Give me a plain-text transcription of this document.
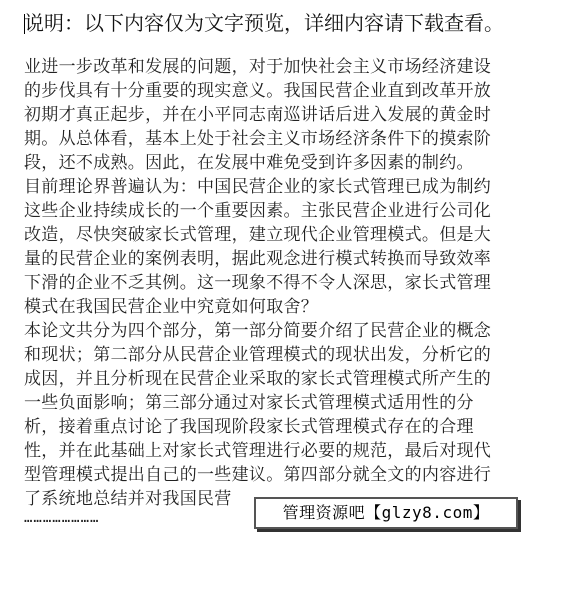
说明：以下内容仅为文字预览，详细内容请下载查看。
业进一步改革和发展的问题，对于加快社会主义市场经济建设
的步伐具有十分重要的现实意义。我国民营企业直到改革开放
初期才真正起步，并在小平同志南巡讲话后进入发展的黄金时
期。从总体看，基本上处于社会主义市场经济条件下的摸索阶
段，还不成熟。因此，在发展中难免受到许多因素的制约。
目前理论界普遍认为：中国民营企业的家长式管理已成为制约
这些企业持续成长的一个重要因素。主张民营企业进行公司化
改造，尽快突破家长式管理，建立现代企业管理模式。但是大
量的民营企业的案例表明，据此观念进行模式转换而导致效率
下滑的企业不乏其例。这一现象不得不令人深思，家长式管理
模式在我国民营企业中究竟如何取舍？
本论文共分为四个部分，第一部分简要介绍了民营企业的概念
和现状；第二部分从民营企业管理模式的现状出发，分析它的
成因，并且分析现在民营企业采取的家长式管理模式所产生的
一些负面影响；第三部分通过对家长式管理模式适用性的分
析，接着重点讨论了我国现阶段家长式管理模式存在的合理
性，并在此基础上对家长式管理进行必要的规范，最后对现代
型管理模式提出自己的一些建议。第四部分就全文的内容进行
了系统地总结并对我国民营
……………………	管理资源吧【glzy8.com】
